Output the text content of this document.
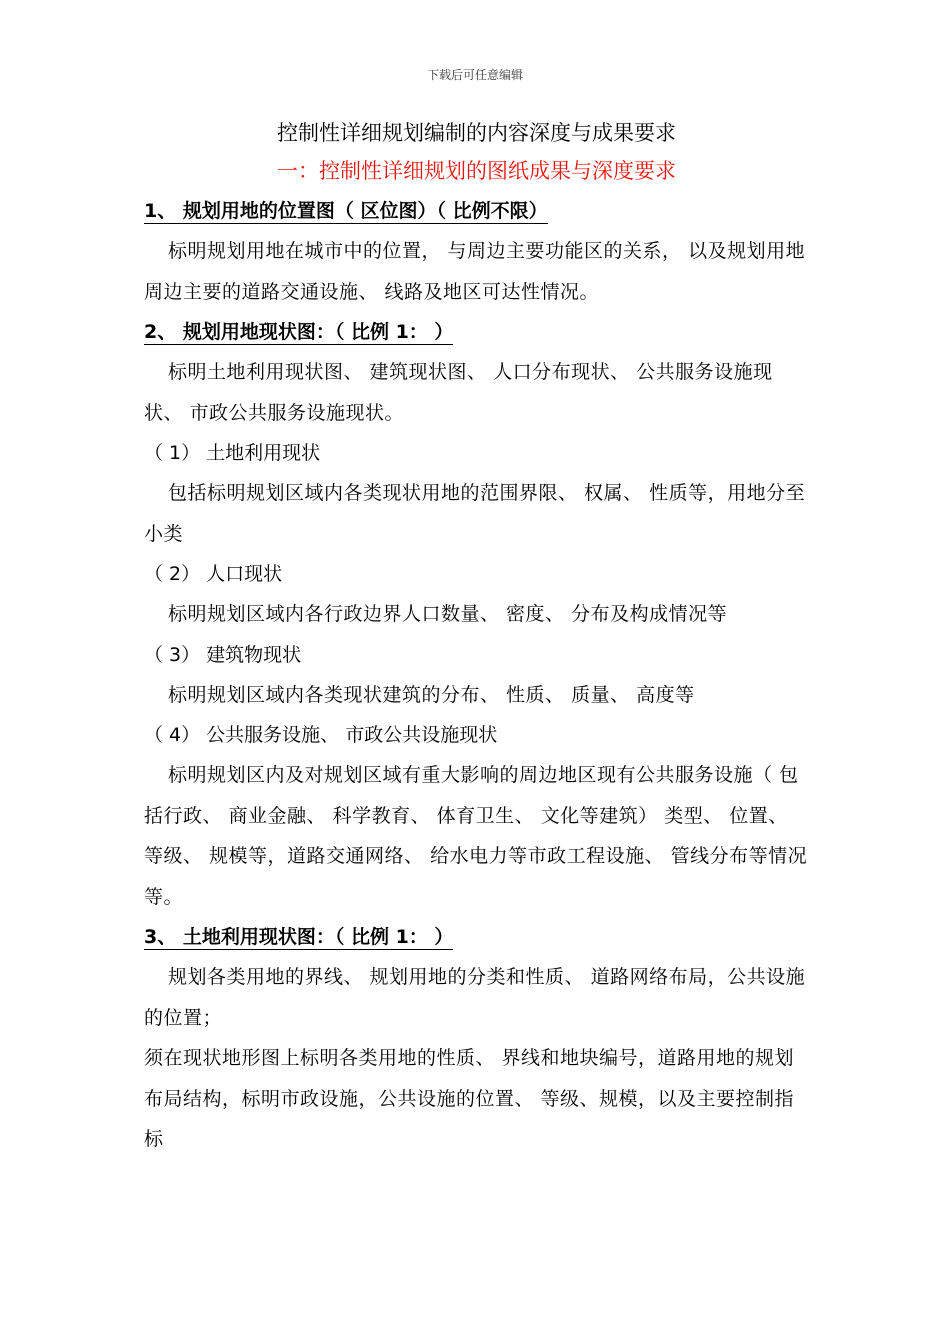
下载后可任意编辑
控制性详细规划编制的内容深度与成果要求
一：控制性详细规划的图纸成果与深度要求
1、 规划用地的位置图（ 区位图）（ 比例不限）
标明规划用地在城市中的位置， 与周边主要功能区的关系， 以及规划用地周边主要的道路交通设施、 线路及地区可达性情况。
2、 规划用地现状图：（ 比例 1： ）
标明土地利用现状图、 建筑现状图、 人口分布现状、 公共服务设施现状、 市政公共服务设施现状。
（ 1） 土地利用现状
包括标明规划区域内各类现状用地的范围界限、 权属、 性质等，用地分至小类
（ 2） 人口现状
标明规划区域内各行政边界人口数量、 密度、 分布及构成情况等
（ 3） 建筑物现状
标明规划区域内各类现状建筑的分布、 性质、 质量、 高度等
（ 4） 公共服务设施、 市政公共设施现状
标明规划区内及对规划区域有重大影响的周边地区现有公共服务设施（ 包括行政、 商业金融、 科学教育、 体育卫生、 文化等建筑） 类型、 位置、 等级、 规模等，道路交通网络、 给水电力等市政工程设施、 管线分布等情况等。
3、 土地利用现状图：（ 比例 1： ）
规划各类用地的界线、 规划用地的分类和性质、 道路网络布局，公共设施的位置；
须在现状地形图上标明各类用地的性质、 界线和地块编号，道路用地的规划布局结构，标明市政设施，公共设施的位置、 等级、规模，以及主要控制指标
